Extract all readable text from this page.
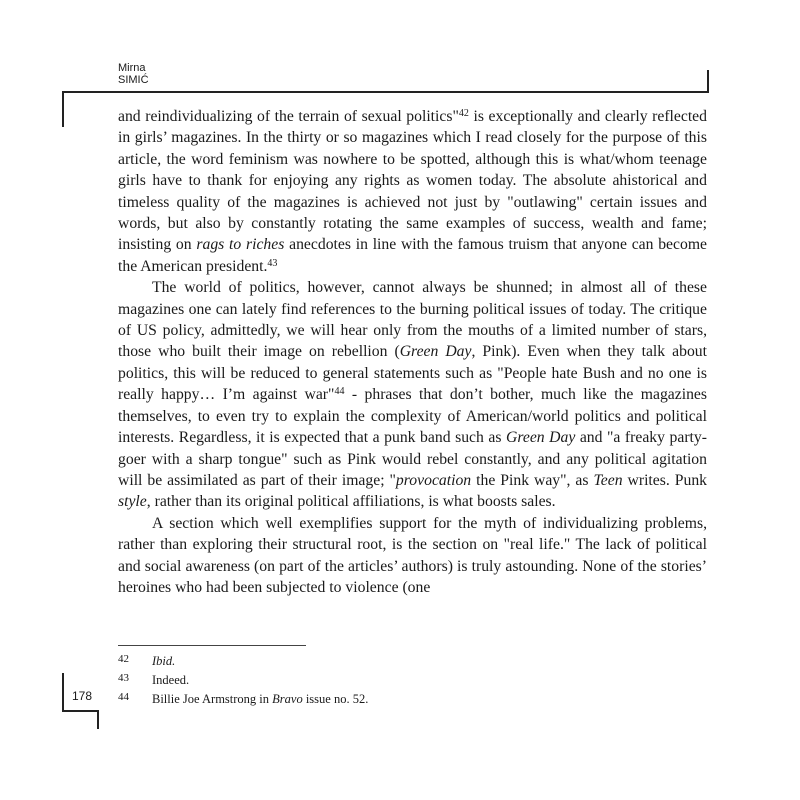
Mirna
SIMIĆ

and reindividualizing of the terrain of sexual politics"$^{42}$ is exceptionally and clearly reflected in girls’ magazines. In the thirty or so magazines which I read closely for the purpose of this article, the word feminism was nowhere to be spotted, although this is what/whom teenage girls have to thank for enjoying any rights as women today. The absolute ahistorical and timeless quality of the magazines is achieved not just by "outlawing" certain issues and words, but also by constantly rotating the same examples of success, wealth and fame; insisting on rags to riches anecdotes in line with the famous truism that anyone can become the American president.$^{43}$

The world of politics, however, cannot always be shunned; in almost all of these magazines one can lately find references to the burning political issues of today. The critique of US policy, admittedly, we will hear only from the mouths of a limited number of stars, those who built their image on rebellion (Green Day, Pink). Even when they talk about politics, this will be reduced to general statements such as "People hate Bush and no one is really happy… I’m against war"$^{44}$ - phrases that don’t bother, much like the magazines themselves, to even try to explain the complexity of American/world politics and political interests. Regardless, it is expected that a punk band such as Green Day and "a freaky party-goer with a sharp tongue" such as Pink would rebel constantly, and any political agitation will be assimilated as part of their image; "provocation the Pink way", as Teen writes. Punk style, rather than its original political affiliations, is what boosts sales.

A section which well exemplifies support for the myth of individualizing problems, rather than exploring their structural root, is the section on "real life." The lack of political and social awareness (on part of the articles’ authors) is truly astounding. None of the stories’ heroines who had been subjected to violence (one

42 Ibid.
43 Indeed.
44 Billie Joe Armstrong in Bravo issue no. 52.
178
